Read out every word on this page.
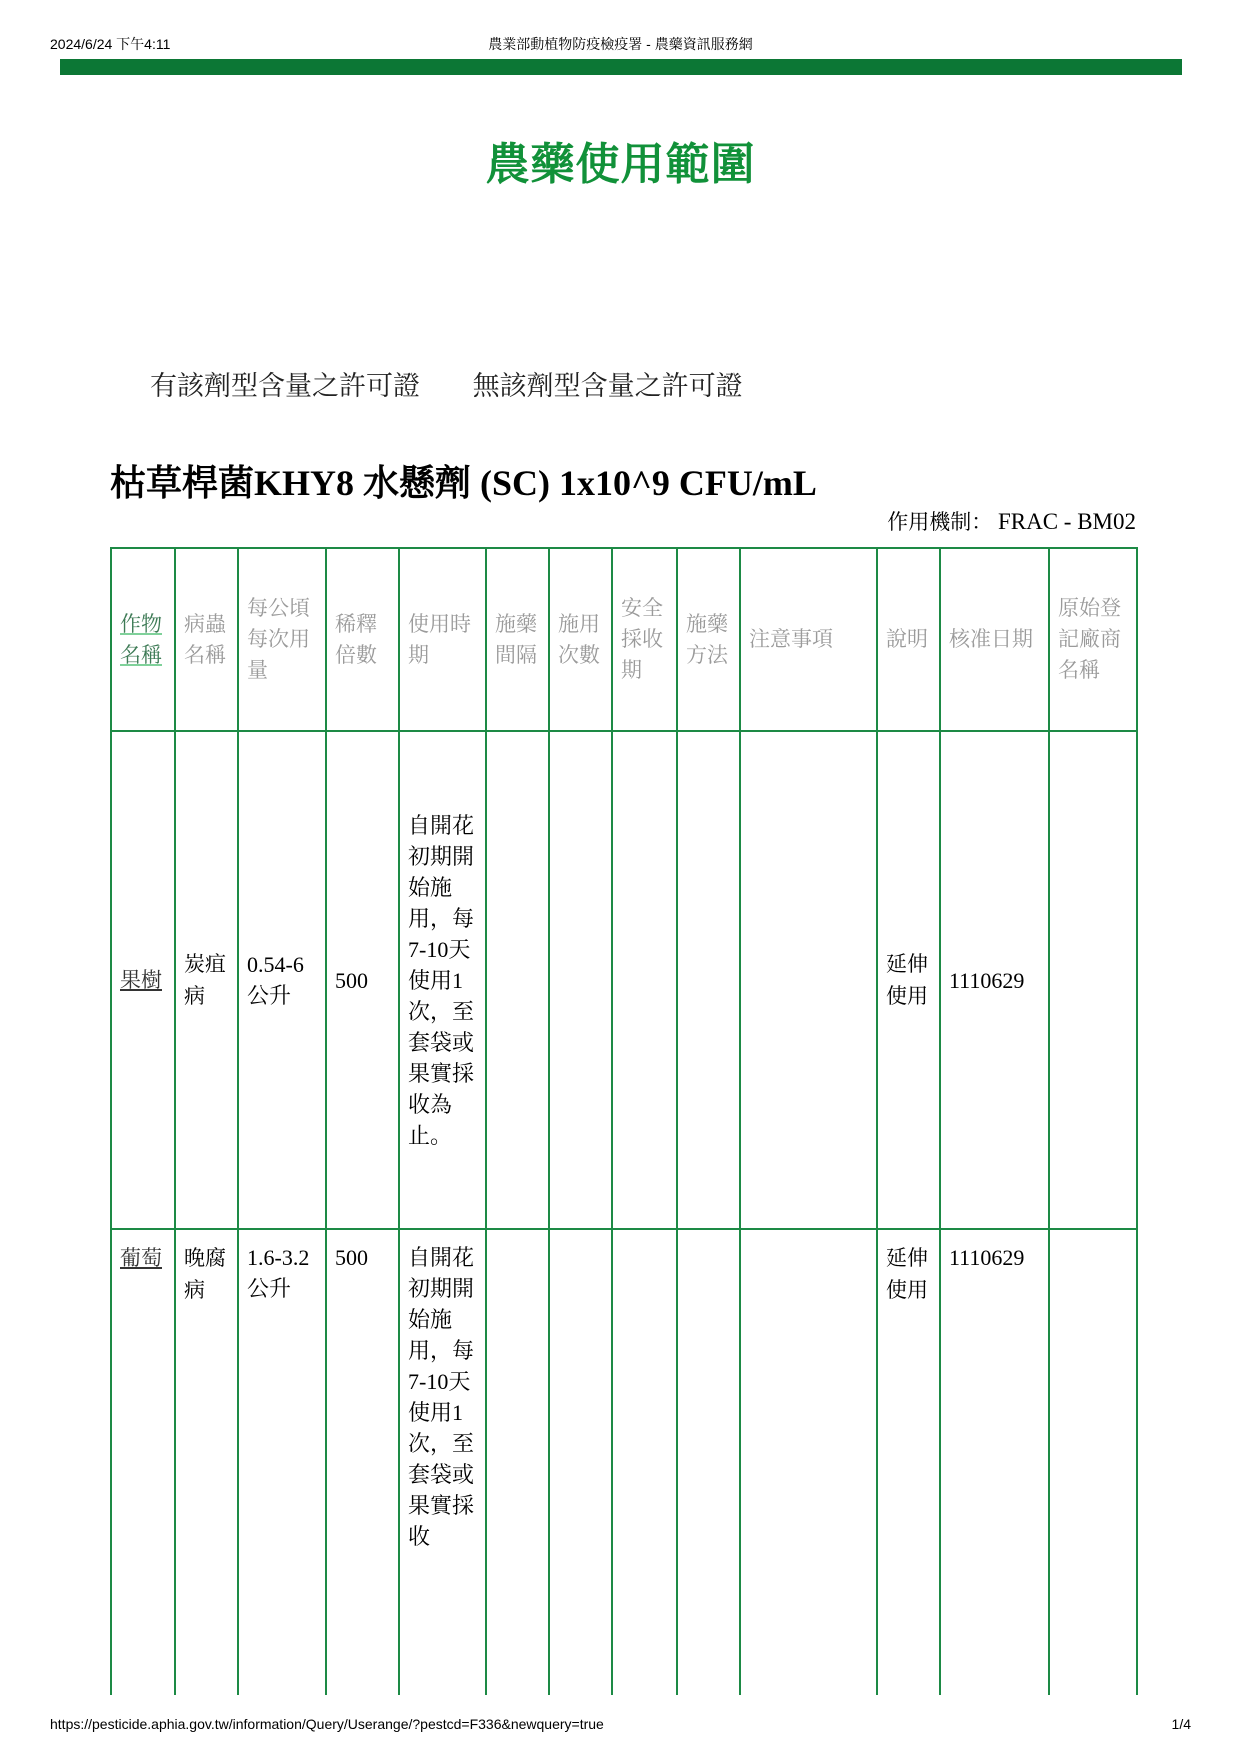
2024/6/24 下午4:11	農業部動植物防疫檢疫署 - 農藥資訊服務網
農藥使用範圍
有該劑型含量之許可證 無該劑型含量之許可證
枯草桿菌KHY8 水懸劑 (SC) 1x10^9 CFU/mL
作用機制： FRAC - BM02
作物名稱	病蟲名稱	每公頃每次用量	稀釋倍數	使用時期	施藥間隔	施用次數	安全採收期	施藥方法	注意事項	說明	核准日期	原始登記廠商名稱
果樹	炭疽病	0.54-6公升	500	自開花初期開始施用，每7-10天使用1次，至套袋或果實採收為止。						延伸使用	1110629	
葡萄	晚腐病	1.6-3.2公升	500	自開花初期開始施用，每7-10天使用1次，至套袋或果實採收						延伸使用	1110629	
https://pesticide.aphia.gov.tw/information/Query/Userange/?pestcd=F336&newquery=true	1/4
